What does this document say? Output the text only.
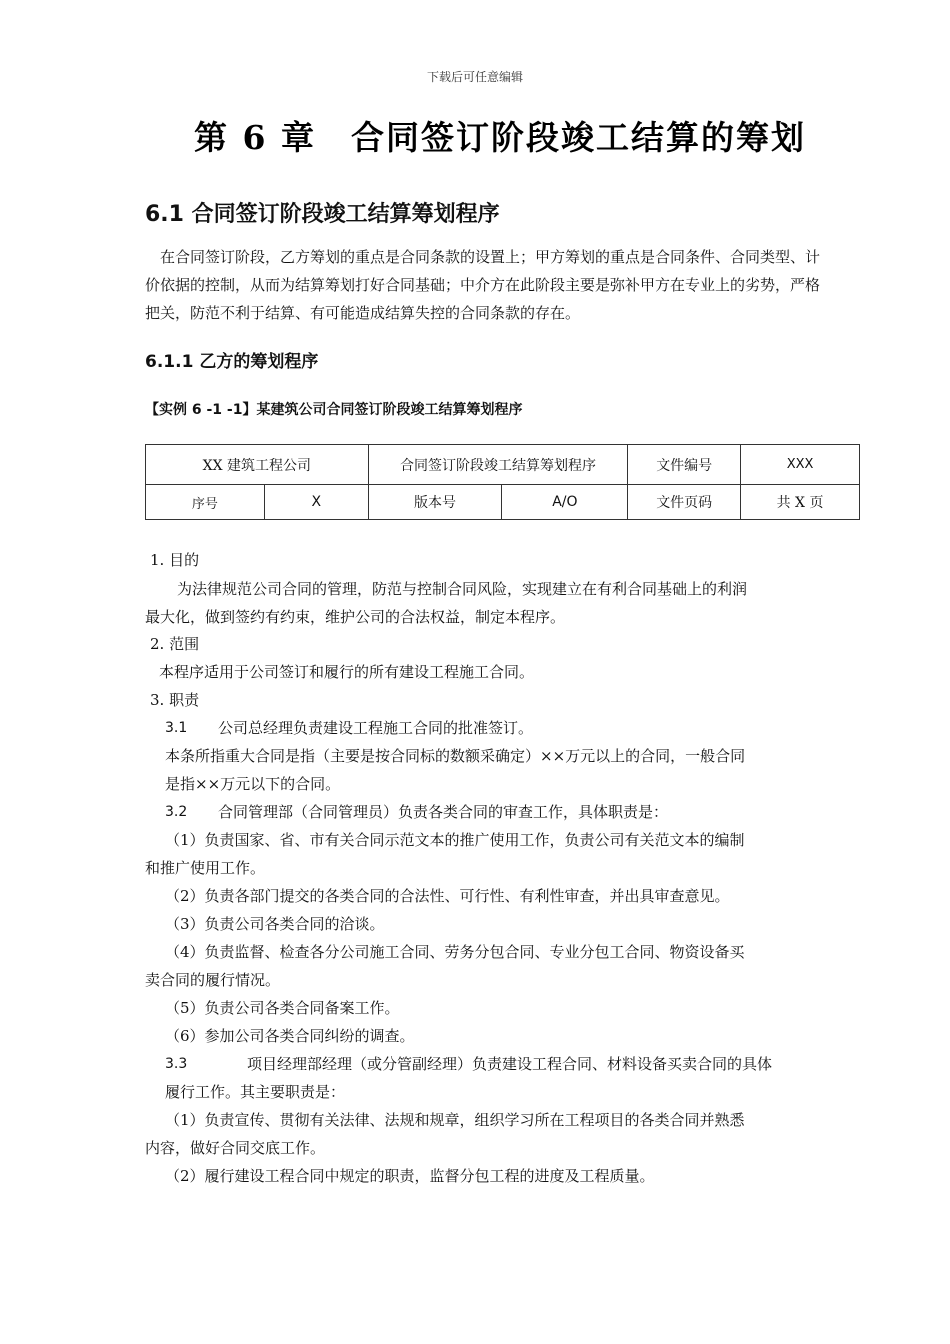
下载后可任意编辑
第 6 章　合同签订阶段竣工结算的筹划
6.1 合同签订阶段竣工结算筹划程序
在合同签订阶段，乙方筹划的重点是合同条款的设置上；甲方筹划的重点是合同条件、合同类型、计价依据的控制，从而为结算筹划打好合同基础；中介方在此阶段主要是弥补甲方在专业上的劣势，严格把关，防范不利于结算、有可能造成结算失控的合同条款的存在。
6.1.1 乙方的筹划程序
【实例 6 -1 -1】某建筑公司合同签订阶段竣工结算筹划程序
XX 建筑工程公司		合同签订阶段竣工结算筹划程序		文件编号	XXX
序号	X	版本号	A/O	文件页码	共 X 页
1. 目的
为法律规范公司合同的管理，防范与控制合同风险，实现建立在有利合同基础上的利润
最大化，做到签约有约束，维护公司的合法权益，制定本程序。
2. 范围
本程序适用于公司签订和履行的所有建设工程施工合同。
3. 职责
3.1 公司总经理负责建设工程施工合同的批准签订。
本条所指重大合同是指（主要是按合同标的数额采确定）××万元以上的合同，一般合同
是指××万元以下的合同。
3.2 合同管理部（合同管理员）负责各类合同的审查工作，具体职责是：
（1）负责国家、省、市有关合同示范文本的推广使用工作，负责公司有关范文本的编制
和推广使用工作。
（2）负责各部门提交的各类合同的合法性、可行性、有利性审查，并出具审查意见。
（3）负责公司各类合同的洽谈。
（4）负责监督、检查各分公司施工合同、劳务分包合同、专业分包工合同、物资设备买
卖合同的履行情况。
（5）负责公司各类合同备案工作。
（6）参加公司各类合同纠纷的调查。
3.3	项目经理部经理（或分管副经理）负责建设工程合同、材料设备买卖合同的具体
履行工作。其主要职责是：
（1）负责宣传、贯彻有关法律、法规和规章，组织学习所在工程项目的各类合同并熟悉
内容，做好合同交底工作。
（2）履行建设工程合同中规定的职责，监督分包工程的进度及工程质量。
